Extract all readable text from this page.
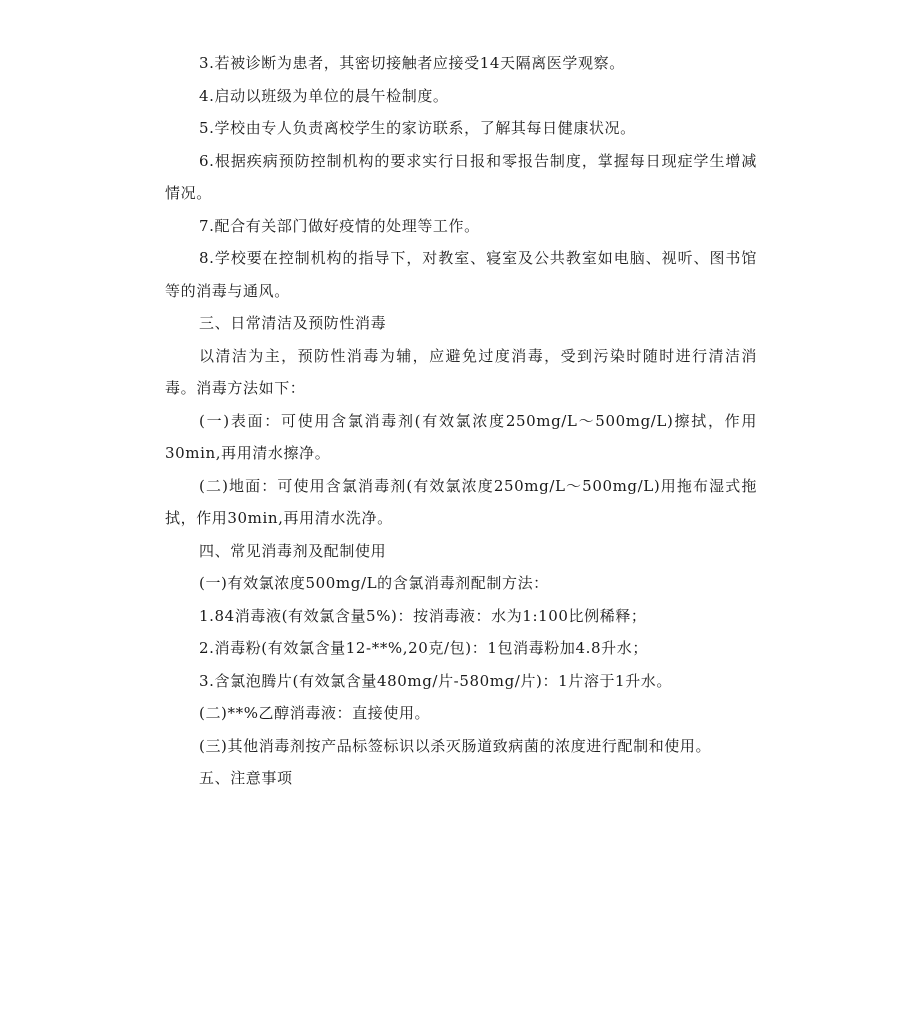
3.若被诊断为患者，其密切接触者应接受14天隔离医学观察。

4.启动以班级为单位的晨午检制度。

5.学校由专人负责离校学生的家访联系，了解其每日健康状况。

6.根据疾病预防控制机构的要求实行日报和零报告制度，掌握每日现症学生增减情况。

7.配合有关部门做好疫情的处理等工作。

8.学校要在控制机构的指导下，对教室、寝室及公共教室如电脑、视听、图书馆等的消毒与通风。

三、日常清洁及预防性消毒

以清洁为主，预防性消毒为辅，应避免过度消毒，受到污染时随时进行清洁消毒。消毒方法如下：

(一)表面：可使用含氯消毒剂(有效氯浓度250mg/L～500mg/L)擦拭，作用30min,再用清水擦净。

(二)地面：可使用含氯消毒剂(有效氯浓度250mg/L～500mg/L)用拖布湿式拖拭，作用30min,再用清水洗净。

四、常见消毒剂及配制使用

(一)有效氯浓度500mg/L的含氯消毒剂配制方法：

1.84消毒液(有效氯含量5%)：按消毒液：水为1:100比例稀释；

2.消毒粉(有效氯含量12-**%,20克/包)：1包消毒粉加4.8升水；

3.含氯泡腾片(有效氯含量480mg/片-580mg/片)：1片溶于1升水。

(二)**%乙醇消毒液：直接使用。

(三)其他消毒剂按产品标签标识以杀灭肠道致病菌的浓度进行配制和使用。

五、注意事项
